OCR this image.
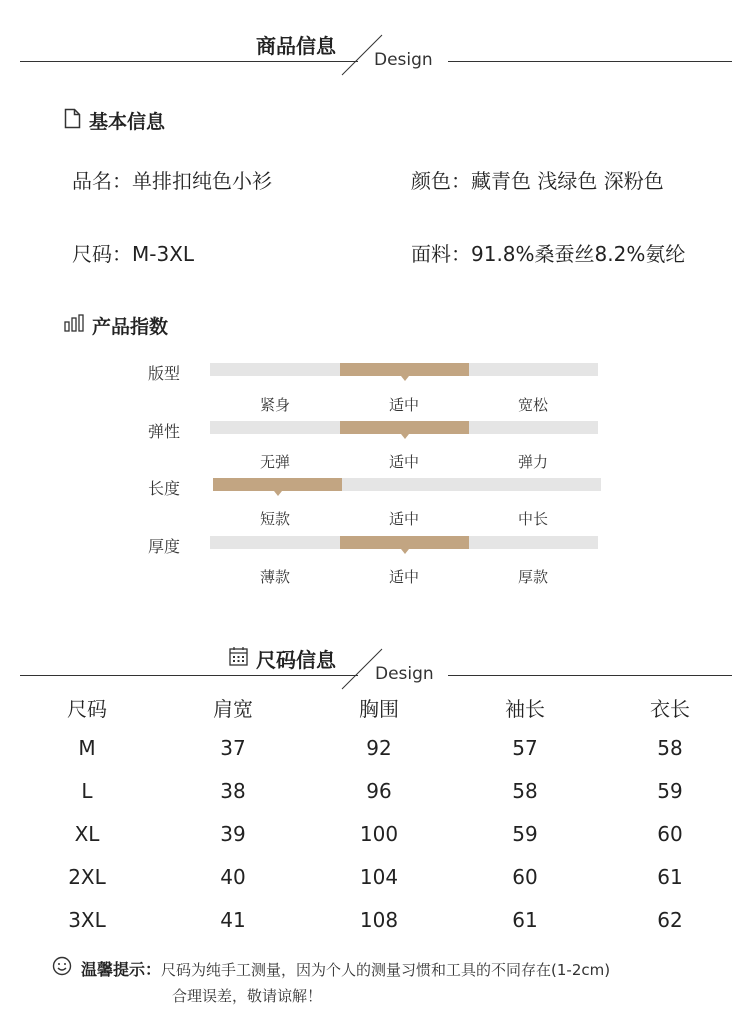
商品信息
Design
基本信息
品名：单排扣纯色小衫	颜色：藏青色 浅绿色 深粉色
尺码：M-3XL	面料：91.8%桑蚕丝8.2%氨纶
产品指数
版型
紧身	适中	宽松
弹性
无弹	适中	弹力
长度
短款	适中	中长
厚度
薄款	适中	厚款
尺码信息
Design
尺码	肩宽	胸围	袖长	衣长
M	37	92	57	58
L	38	96	58	59
XL	39	100	59	60
2XL	40	104	60	61
3XL	41	108	61	62
温馨提示：尺码为纯手工测量，因为个人的测量习惯和工具的不同存在(1-2cm)
合理误差，敬请谅解！
